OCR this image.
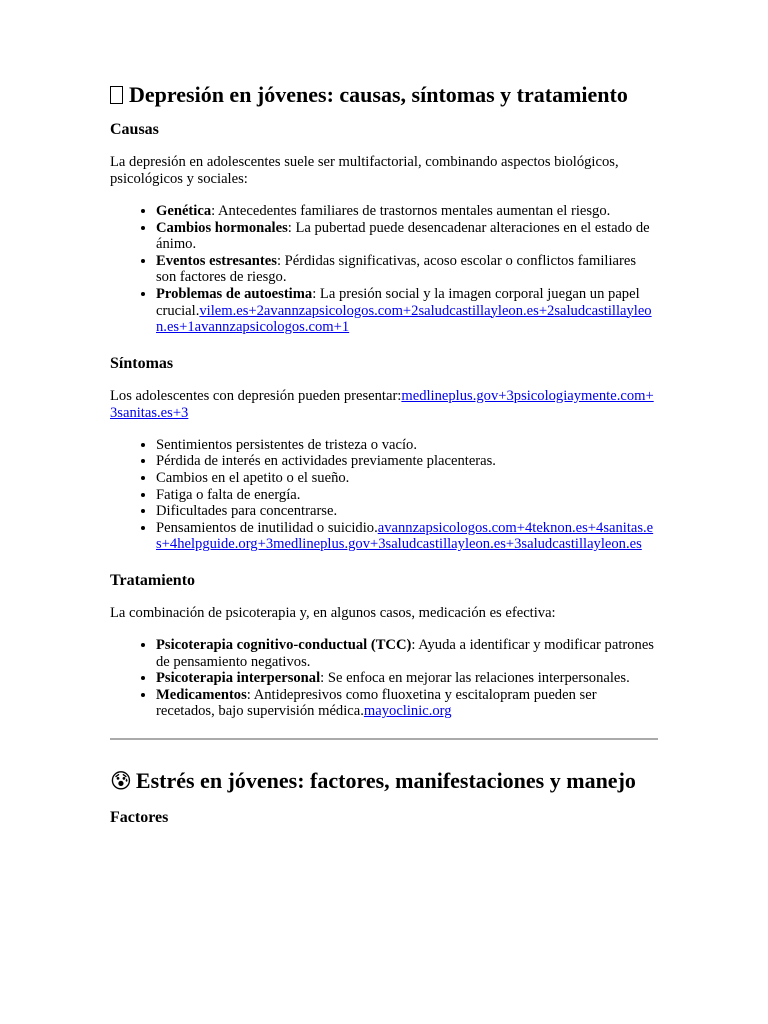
Depresión en jóvenes: causas, síntomas y tratamiento
Causas

La depresión en adolescentes suele ser multifactorial, combinando aspectos biológicos, psicológicos y sociales:

• Genética: Antecedentes familiares de trastornos mentales aumentan el riesgo.
• Cambios hormonales: La pubertad puede desencadenar alteraciones en el estado de ánimo.
• Eventos estresantes: Pérdidas significativas, acoso escolar o conflictos familiares son factores de riesgo.
• Problemas de autoestima: La presión social y la imagen corporal juegan un papel crucial.vilem.es+2avannzapsicologos.com+2saludcastillayleon.es+2saludcastillayleon.es+1avannzapsicologos.com+1
Síntomas

Los adolescentes con depresión pueden presentar:medlineplus.gov+3psicologiaymente.com+3sanitas.es+3

• Sentimientos persistentes de tristeza o vacío.
• Pérdida de interés en actividades previamente placenteras.
• Cambios en el apetito o el sueño.
• Fatiga o falta de energía.
• Dificultades para concentrarse.
• Pensamientos de inutilidad o suicidio.avannzapsicologos.com+4teknon.es+4sanitas.es+4helpguide.org+3medlineplus.gov+3saludcastillayleon.es+3saludcastillayleon.es
Tratamiento

La combinación de psicoterapia y, en algunos casos, medicación es efectiva:

• Psicoterapia cognitivo-conductual (TCC): Ayuda a identificar y modificar patrones de pensamiento negativos.
• Psicoterapia interpersonal: Se enfoca en mejorar las relaciones interpersonales.
• Medicamentos: Antidepresivos como fluoxetina y escitalopram pueden ser recetados, bajo supervisión médica.mayoclinic.org
😰 Estrés en jóvenes: factores, manifestaciones y manejo
Factores
